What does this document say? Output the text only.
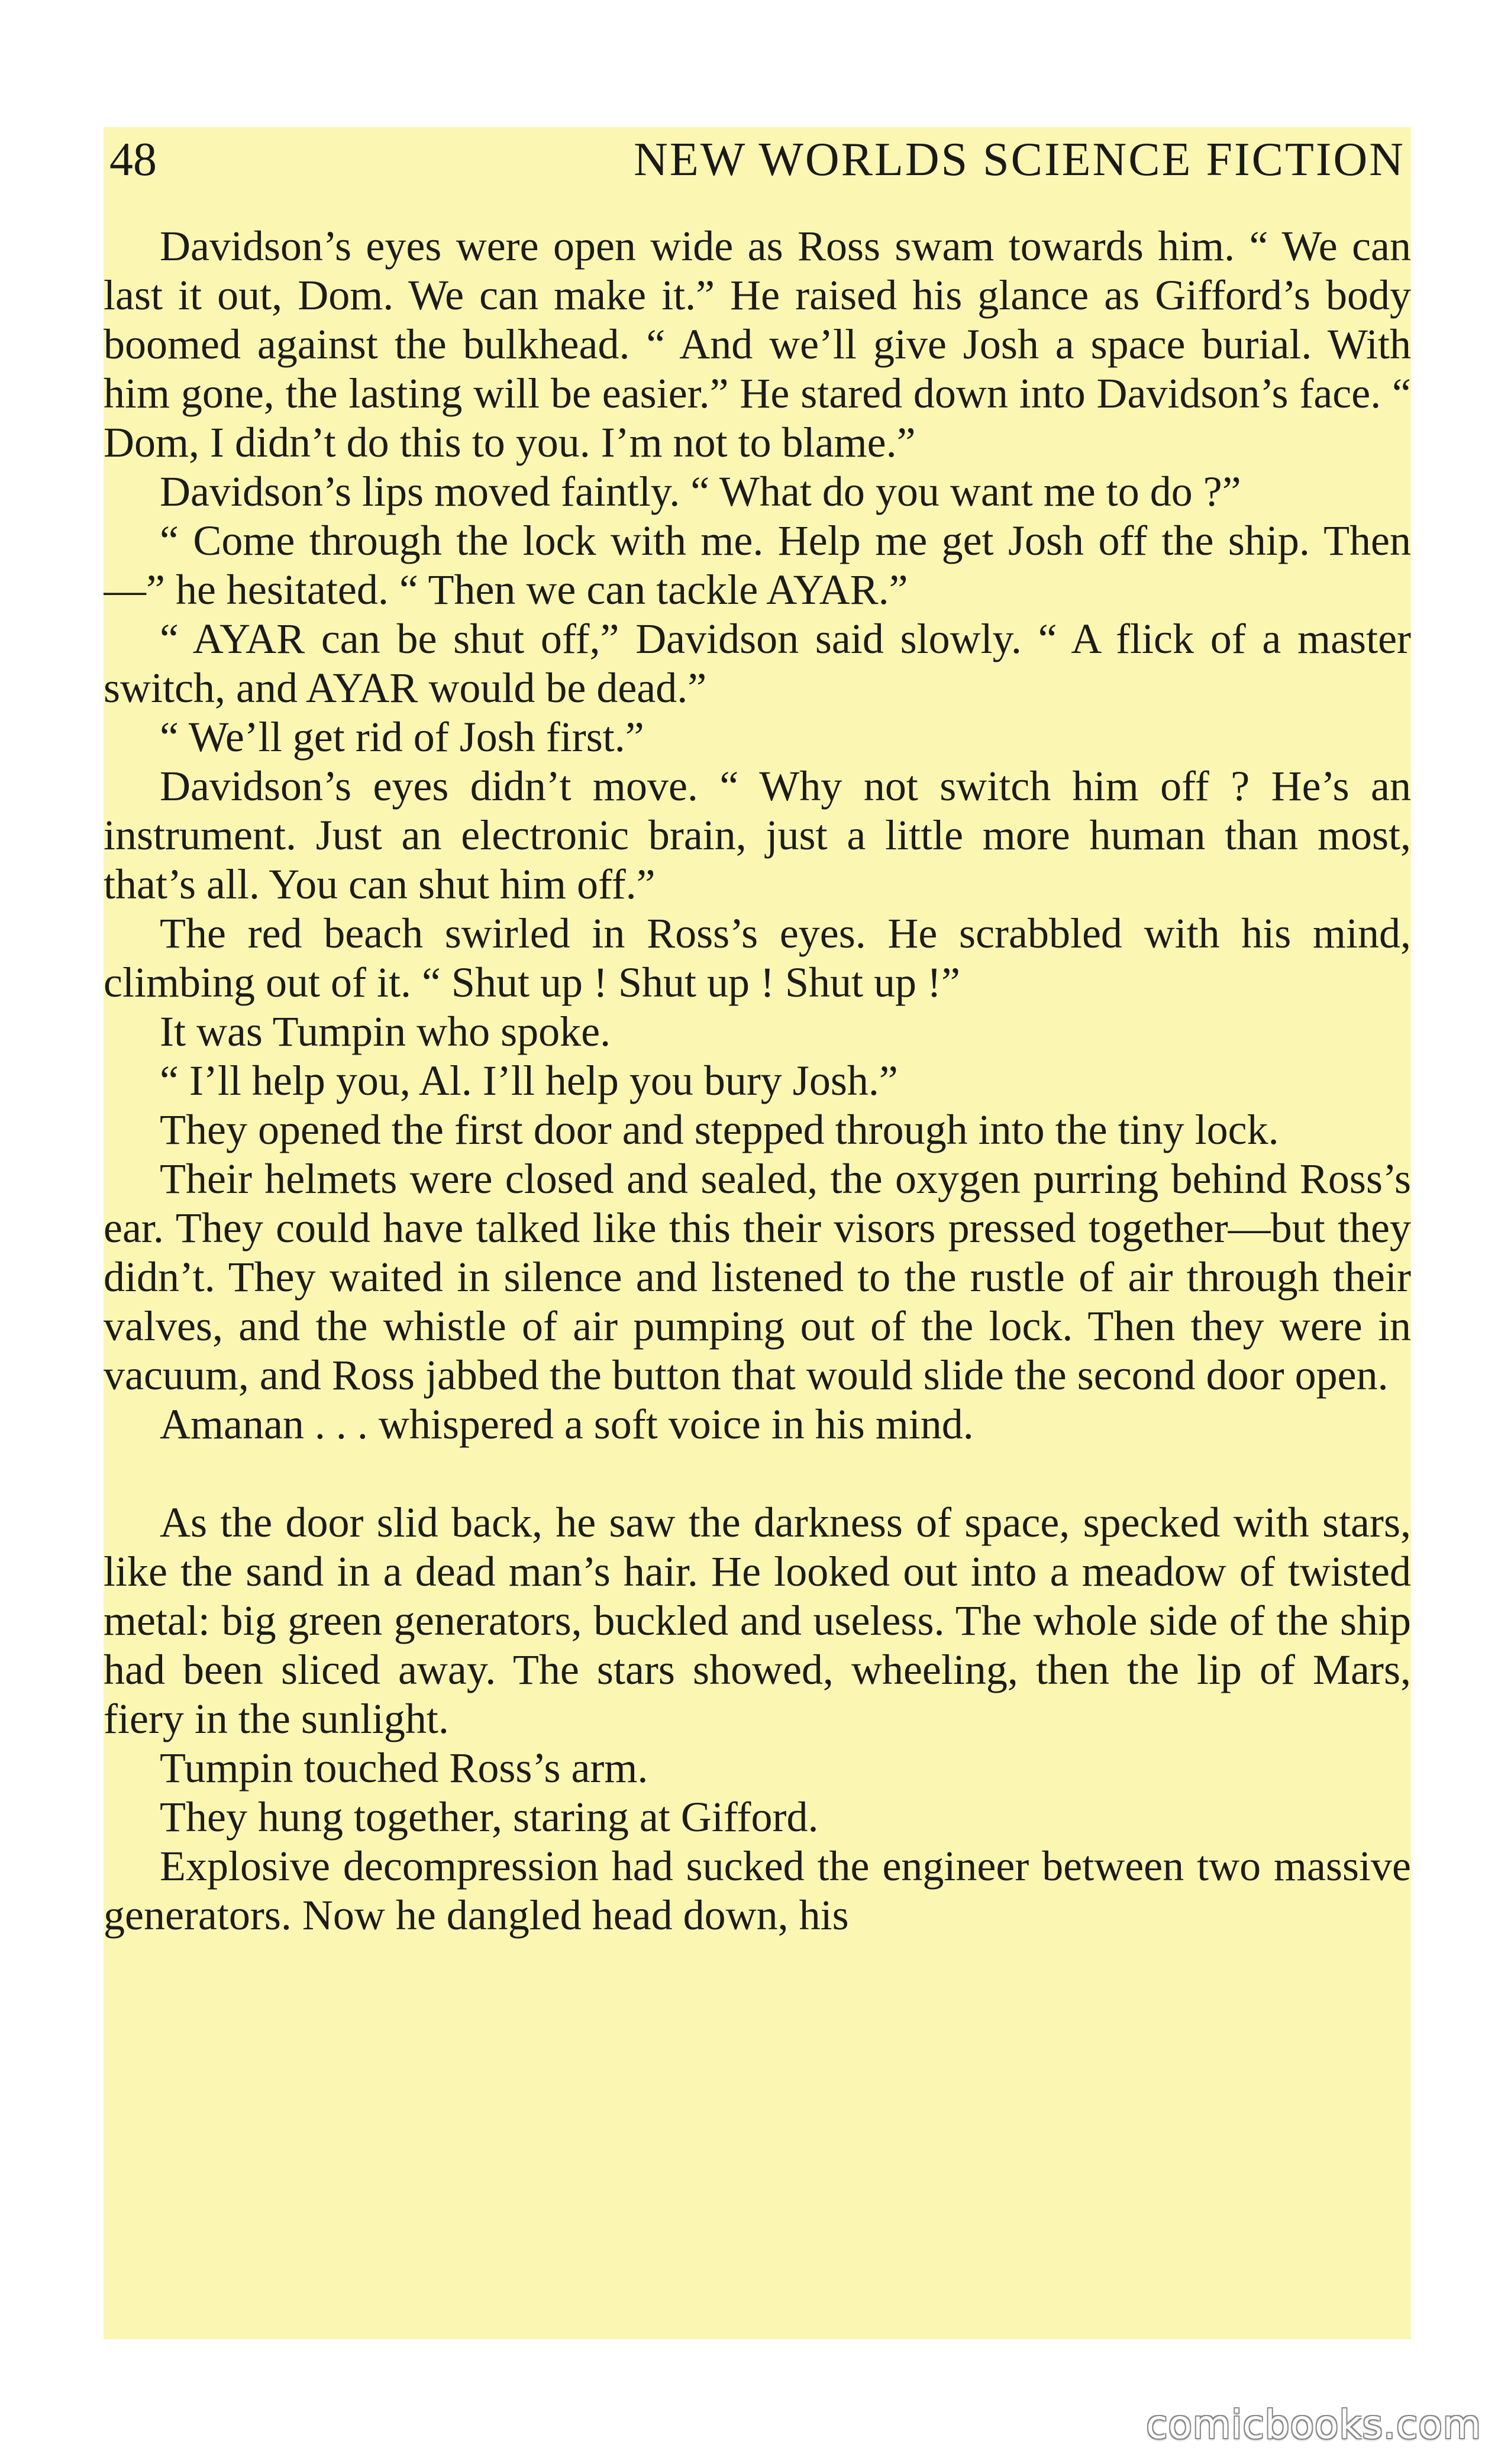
48	NEW WORLDS SCIENCE FICTION

Davidson’s eyes were open wide as Ross swam towards him. “ We can last it out, Dom. We can make it.” He raised his glance as Gifford’s body boomed against the bulkhead. “ And we’ll give Josh a space burial. With him gone, the lasting will be easier.” He stared down into Davidson’s face. “ Dom, I didn’t do this to you. I’m not to blame.”

Davidson’s lips moved faintly. “ What do you want me to do ?”

“ Come through the lock with me. Help me get Josh off the ship. Then—” he hesitated. “ Then we can tackle AYAR.”

“ AYAR can be shut off,” Davidson said slowly. “ A flick of a master switch, and AYAR would be dead.”

“ We’ll get rid of Josh first.”

Davidson’s eyes didn’t move. “ Why not switch him off ? He’s an instrument. Just an electronic brain, just a little more human than most, that’s all. You can shut him off.”

The red beach swirled in Ross’s eyes. He scrabbled with his mind, climbing out of it. “ Shut up ! Shut up ! Shut up !”

It was Tumpin who spoke.

“ I’ll help you, Al. I’ll help you bury Josh.”

They opened the first door and stepped through into the tiny lock.

Their helmets were closed and sealed, the oxygen purring behind Ross’s ear. They could have talked like this their visors pressed together—but they didn’t. They waited in silence and listened to the rustle of air through their valves, and the whistle of air pumping out of the lock. Then they were in vacuum, and Ross jabbed the button that would slide the second door open.

Amanan . . . whispered a soft voice in his mind.

As the door slid back, he saw the darkness of space, specked with stars, like the sand in a dead man’s hair. He looked out into a meadow of twisted metal: big green generators, buckled and useless. The whole side of the ship had been sliced away. The stars showed, wheeling, then the lip of Mars, fiery in the sunlight.

Tumpin touched Ross’s arm.

They hung together, staring at Gifford.

Explosive decompression had sucked the engineer between two massive generators. Now he dangled head down, his

comicbooks.com
